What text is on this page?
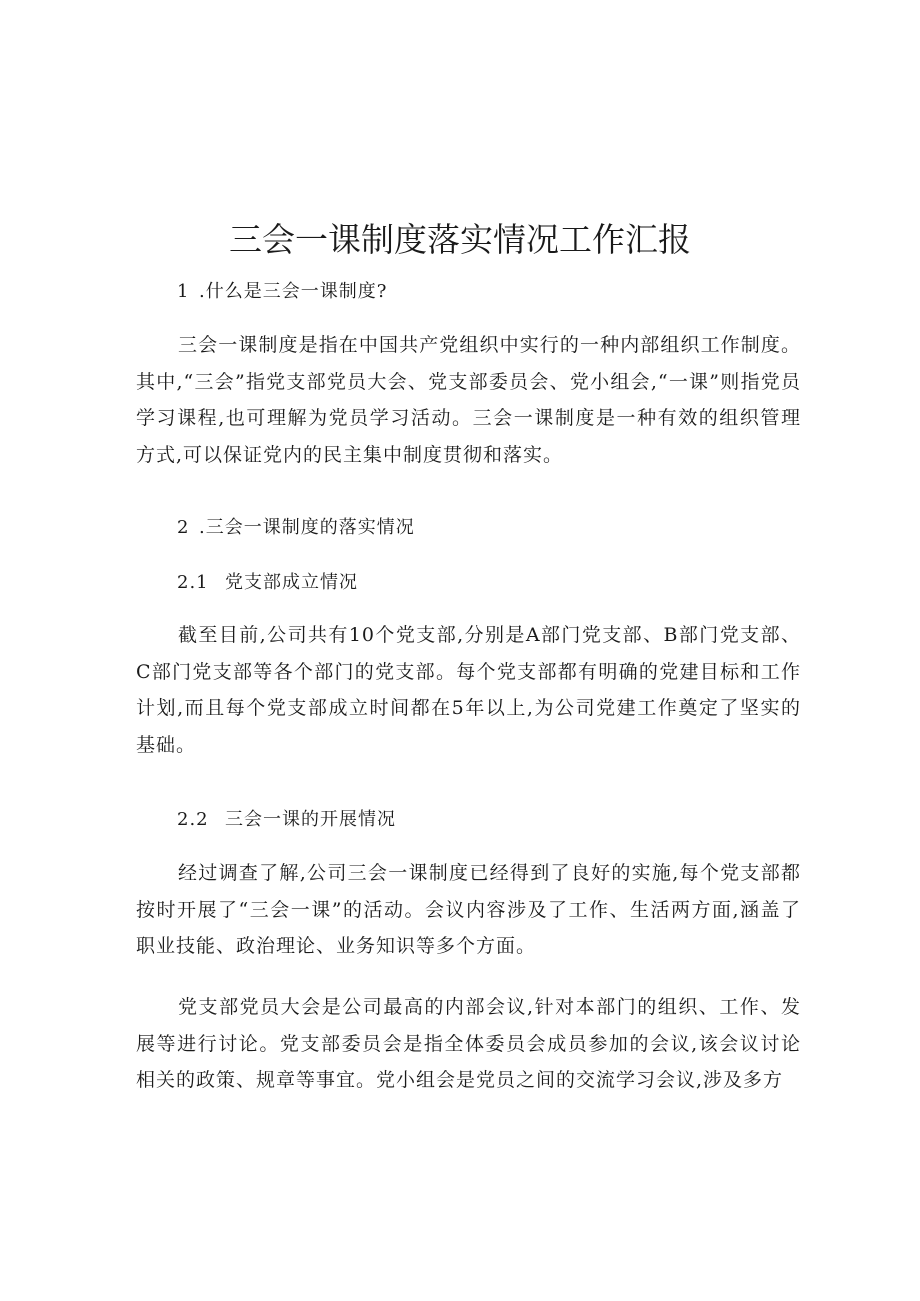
三会一课制度落实情况工作汇报

1 .什么是三会一课制度?

三会一课制度是指在中国共产党组织中实行的一种内部组织工作制度。其中,“三会”指党支部党员大会、党支部委员会、党小组会,“一课”则指党员学习课程,也可理解为党员学习活动。三会一课制度是一种有效的组织管理方式,可以保证党内的民主集中制度贯彻和落实。

2 .三会一课制度的落实情况

2.1 党支部成立情况

截至目前,公司共有10个党支部,分别是A部门党支部、B部门党支部、C部门党支部等各个部门的党支部。每个党支部都有明确的党建目标和工作计划,而且每个党支部成立时间都在5年以上,为公司党建工作奠定了坚实的基础。

2.2 三会一课的开展情况

经过调查了解,公司三会一课制度已经得到了良好的实施,每个党支部都按时开展了“三会一课”的活动。会议内容涉及了工作、生活两方面,涵盖了职业技能、政治理论、业务知识等多个方面。

党支部党员大会是公司最高的内部会议,针对本部门的组织、工作、发展等进行讨论。党支部委员会是指全体委员会成员参加的会议,该会议讨论相关的政策、规章等事宜。党小组会是党员之间的交流学习会议,涉及多方
